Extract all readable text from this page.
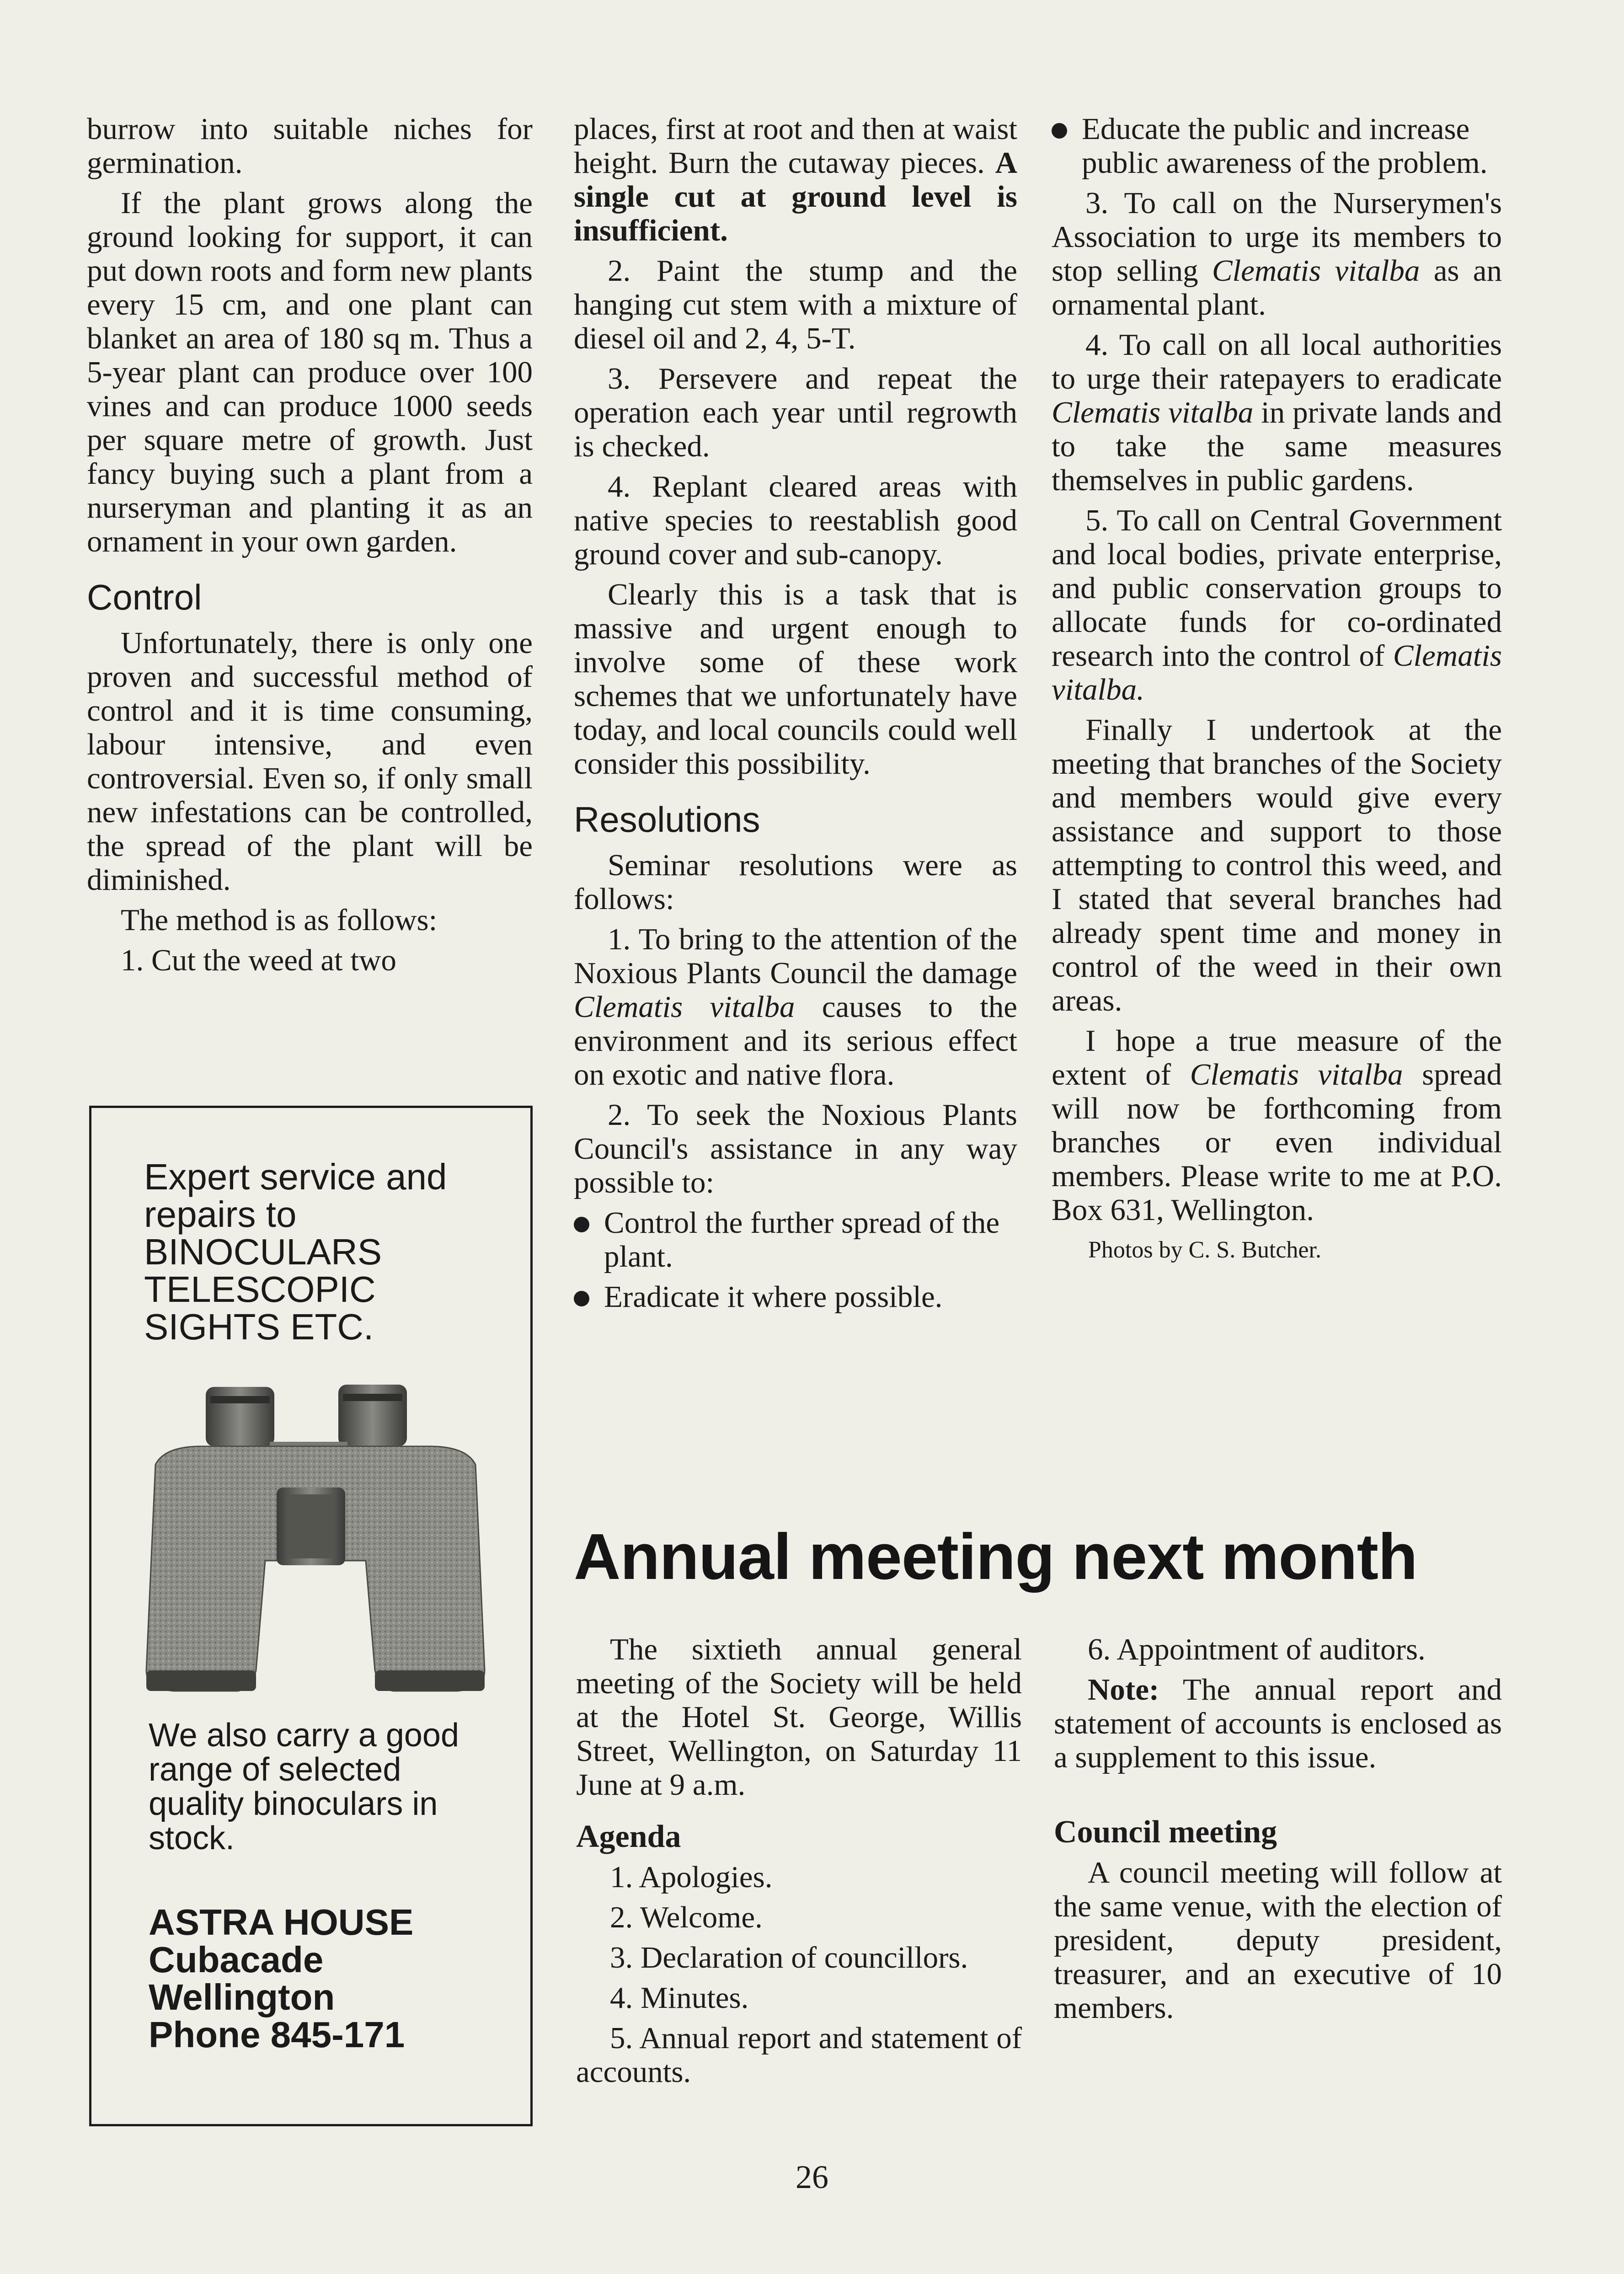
burrow into suitable niches for germination.

If the plant grows along the ground looking for support, it can put down roots and form new plants every 15 cm, and one plant can blanket an area of 180 sq m. Thus a 5-year plant can produce over 100 vines and can produce 1000 seeds per square metre of growth. Just fancy buying such a plant from a nurseryman and planting it as an ornament in your own garden.

Control

Unfortunately, there is only one proven and successful method of control and it is time consuming, labour intensive, and even controversial. Even so, if only small new infestations can be controlled, the spread of the plant will be diminished.

The method is as follows:

1. Cut the weed at two

Expert service and
repairs to
BINOCULARS
TELESCOPIC
SIGHTS ETC.
We also carry a good
range of selected
quality binoculars in
stock.
ASTRA HOUSE
Cubacade
Wellington
Phone 845-171

places, first at root and then at waist height. Burn the cutaway pieces. A single cut at ground level is insufficient.

2. Paint the stump and the hanging cut stem with a mixture of diesel oil and 2, 4, 5-T.

3. Persevere and repeat the operation each year until regrowth is checked.

4. Replant cleared areas with native species to reestablish good ground cover and sub-canopy.

Clearly this is a task that is massive and urgent enough to involve some of these work schemes that we unfortunately have today, and local councils could well consider this possibility.

Resolutions

Seminar resolutions were as follows:

1. To bring to the attention of the Noxious Plants Council the damage Clematis vitalba causes to the environment and its serious effect on exotic and native flora.

2. To seek the Noxious Plants Council's assistance in any way possible to:

Control the further spread of the plant.
Eradicate it where possible.
Educate the public and increase public awareness of the problem.

3. To call on the Nurserymen's Association to urge its members to stop selling Clematis vitalba as an ornamental plant.

4. To call on all local authorities to urge their ratepayers to eradicate Clematis vitalba in private lands and to take the same measures themselves in public gardens.

5. To call on Central Government and local bodies, private enterprise, and public conservation groups to allocate funds for co-ordinated research into the control of Clematis vitalba.

Finally I undertook at the meeting that branches of the Society and members would give every assistance and support to those attempting to control this weed, and I stated that several branches had already spent time and money in control of the weed in their own areas.

I hope a true measure of the extent of Clematis vitalba spread will now be forthcoming from branches or even individual members. Please write to me at P.O. Box 631, Wellington.

Photos by C. S. Butcher.
Annual meeting next month

The sixtieth annual general meeting of the Society will be held at the Hotel St. George, Willis Street, Wellington, on Saturday 11 June at 9 a.m.

Agenda

1. Apologies.

2. Welcome.

3. Declaration of councillors.

4. Minutes.

5. Annual report and statement of accounts.

6. Appointment of auditors.

Note: The annual report and statement of accounts is enclosed as a supplement to this issue.

Council meeting

A council meeting will follow at the same venue, with the election of president, deputy president, treasurer, and an executive of 10 members.

26
